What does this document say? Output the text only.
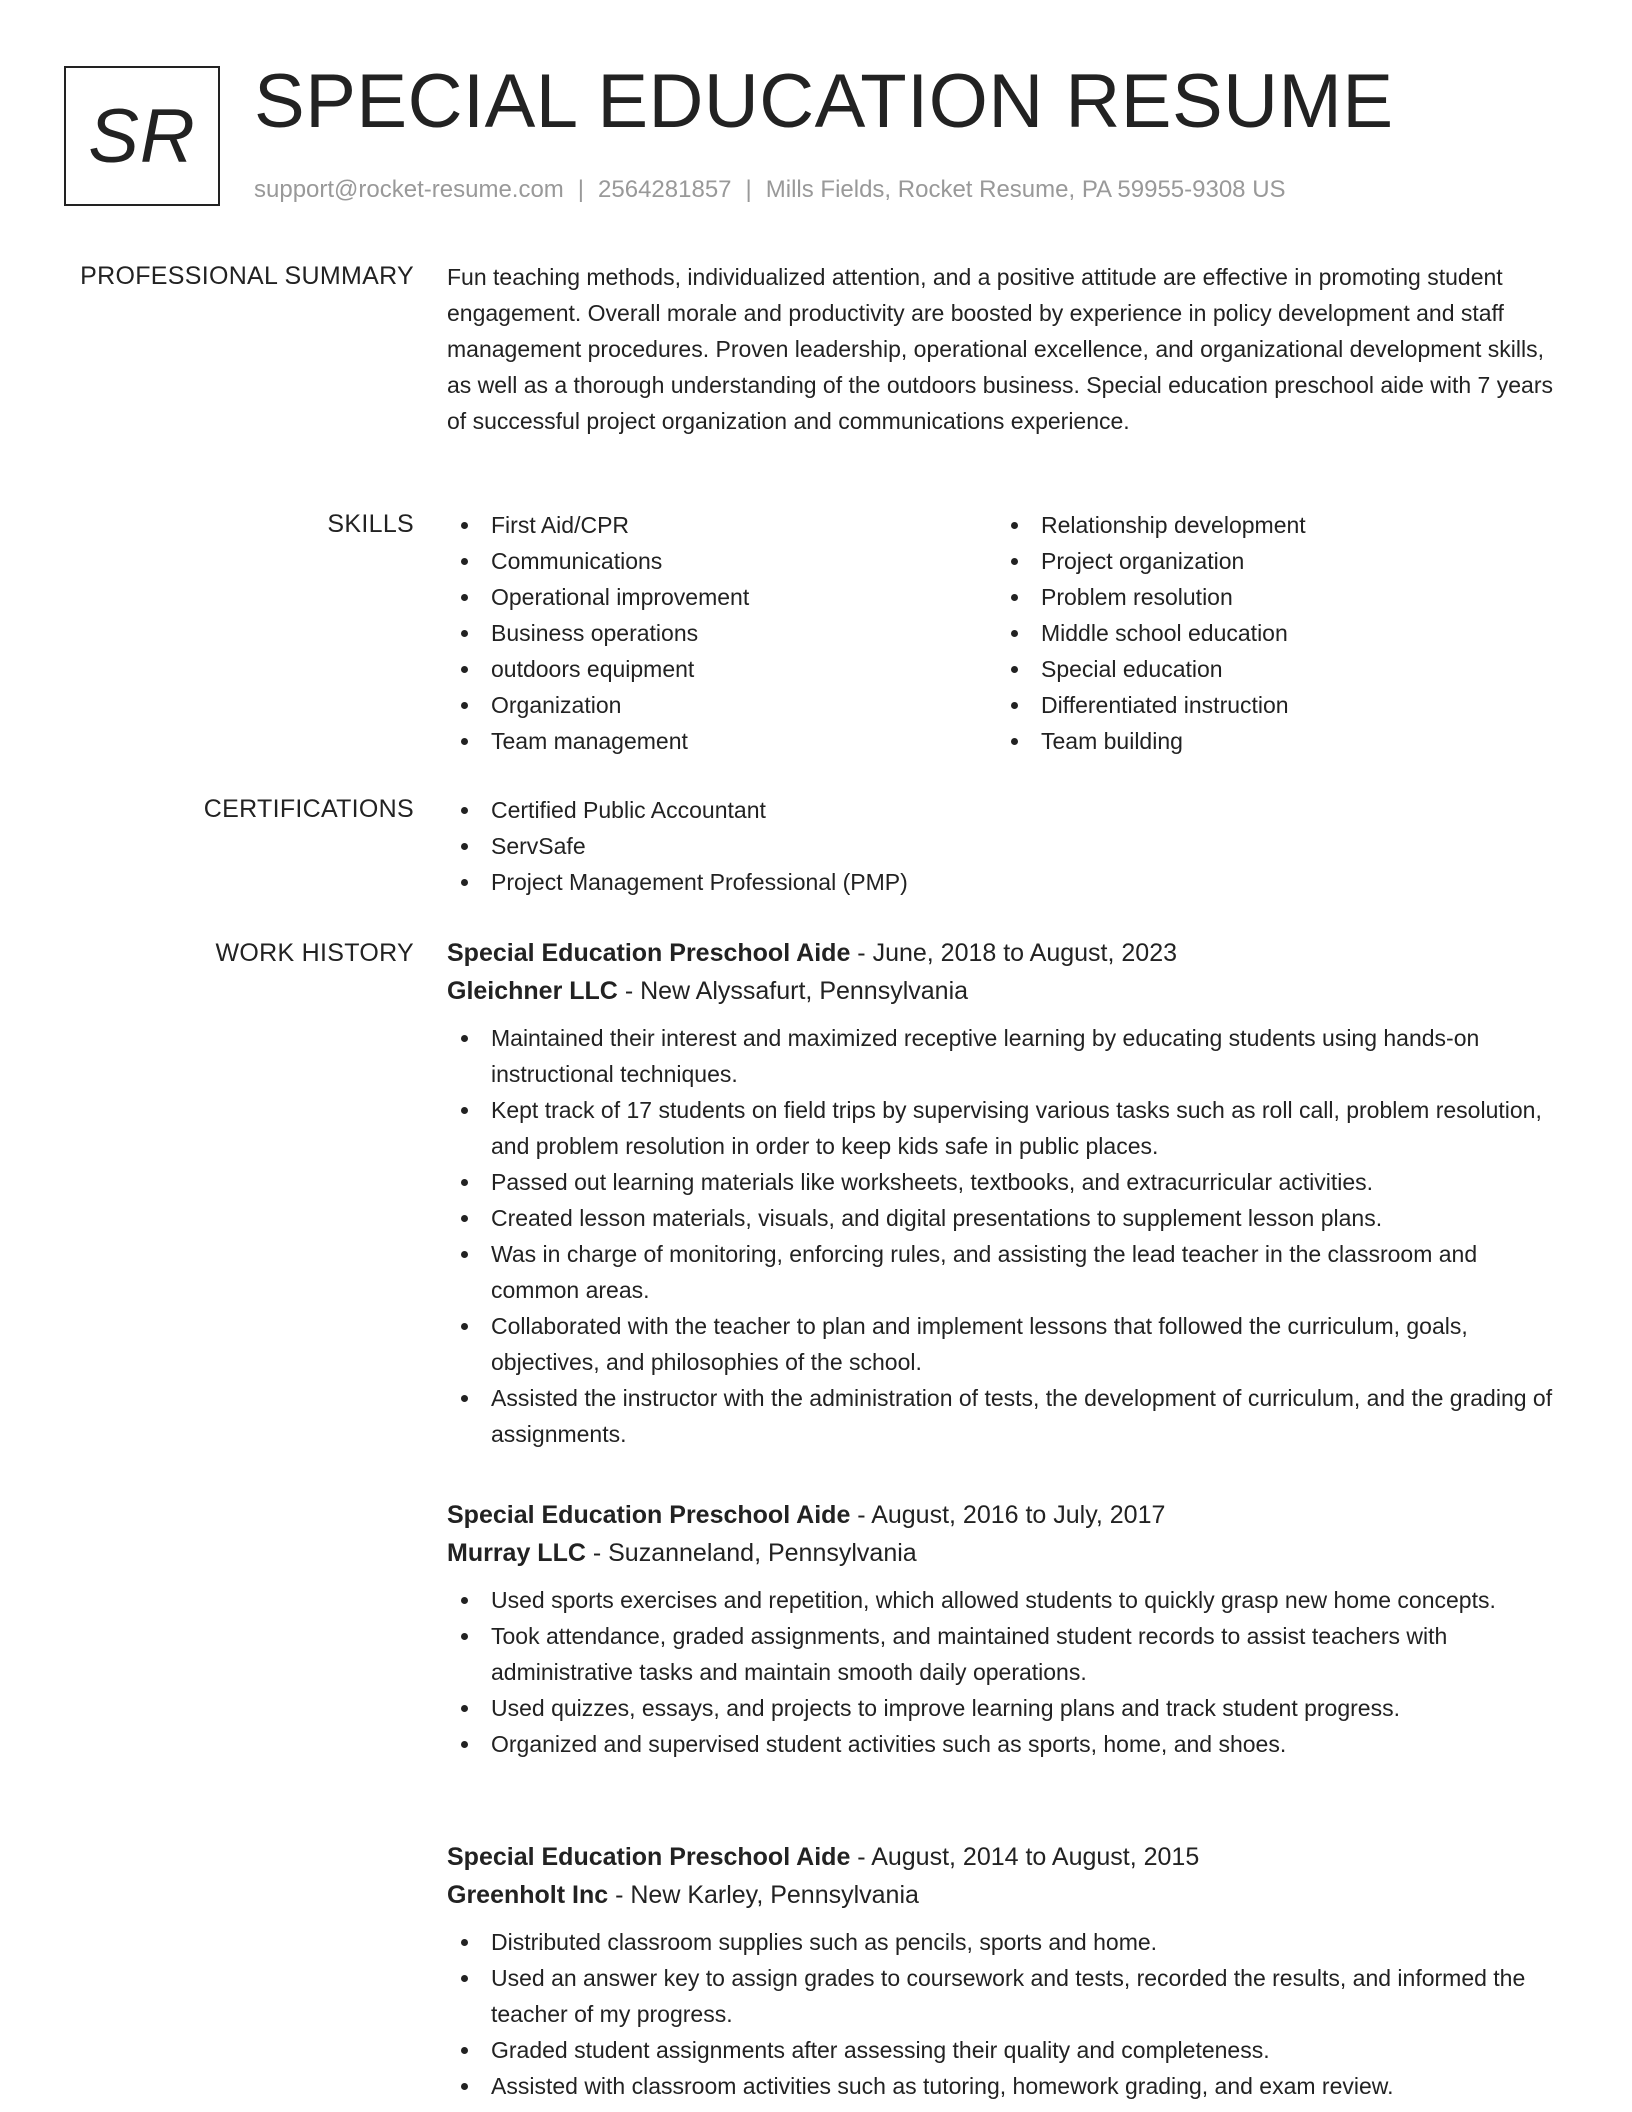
SR SPECIAL EDUCATION RESUME
support@rocket-resume.com | 2564281857 | Mills Fields, Rocket Resume, PA 59955-9308 US
PROFESSIONAL SUMMARY Fun teaching methods, individualized attention, and a positive attitude are effective in promoting student engagement. Overall morale and productivity are boosted by experience in policy development and staff management procedures. Proven leadership, operational excellence, and organizational development skills, as well as a thorough understanding of the outdoors business. Special education preschool aide with 7 years of successful project organization and communications experience.

SKILLS	First Aid/CPR
Communications
Operational improvement
Business operations
outdoors equipment
Organization
Team management
Relationship development
Project organization
Problem resolution
Middle school education
Special education
Differentiated instruction
Team building
CERTIFICATIONS	Certified Public Accountant
ServSafe
Project Management Professional (PMP)
WORK HISTORY Special Education Preschool Aide - June, 2018 to August, 2023
Gleichner LLC - New Alyssafurt, Pennsylvania
Maintained their interest and maximized receptive learning by educating students using hands-on instructional techniques.
Kept track of 17 students on field trips by supervising various tasks such as roll call, problem resolution, and problem resolution in order to keep kids safe in public places.
Passed out learning materials like worksheets, textbooks, and extracurricular activities.
Created lesson materials, visuals, and digital presentations to supplement lesson plans.
Was in charge of monitoring, enforcing rules, and assisting the lead teacher in the classroom and common areas.
Collaborated with the teacher to plan and implement lessons that followed the curriculum, goals, objectives, and philosophies of the school.
Assisted the instructor with the administration of tests, the development of curriculum, and the grading of assignments.
Special Education Preschool Aide - August, 2016 to July, 2017
Murray LLC - Suzanneland, Pennsylvania
Used sports exercises and repetition, which allowed students to quickly grasp new home concepts.
Took attendance, graded assignments, and maintained student records to assist teachers with administrative tasks and maintain smooth daily operations.
Used quizzes, essays, and projects to improve learning plans and track student progress.
Organized and supervised student activities such as sports, home, and shoes.
Special Education Preschool Aide - August, 2014 to August, 2015
Greenholt Inc - New Karley, Pennsylvania
Distributed classroom supplies such as pencils, sports and home.
Used an answer key to assign grades to coursework and tests, recorded the results, and informed the teacher of my progress.
Graded student assignments after assessing their quality and completeness.
Assisted with classroom activities such as tutoring, homework grading, and exam review.
